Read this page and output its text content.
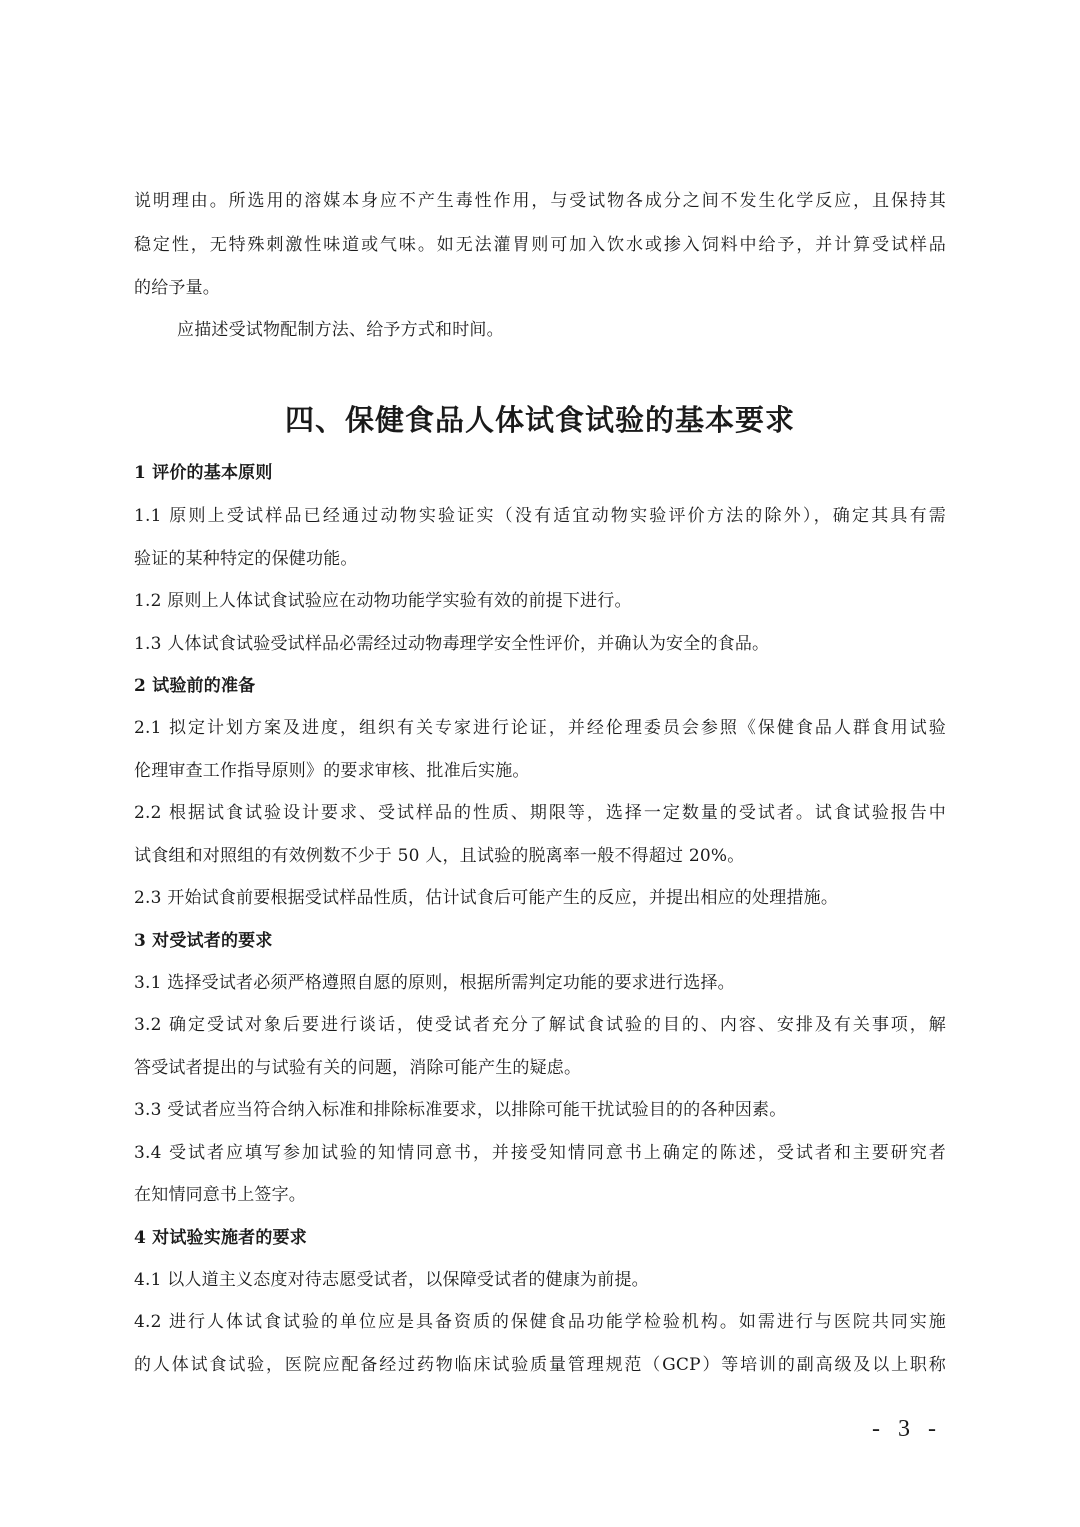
说明理由。所选用的溶媒本身应不产生毒性作用，与受试物各成分之间不发生化学反应，且保持其
稳定性，无特殊刺激性味道或气味。如无法灌胃则可加入饮水或掺入饲料中给予，并计算受试样品
的给予量。
应描述受试物配制方法、给予方式和时间。
四、保健食品人体试食试验的基本要求
1 评价的基本原则
1.1 原则上受试样品已经通过动物实验证实（没有适宜动物实验评价方法的除外），确定其具有需
验证的某种特定的保健功能。
1.2 原则上人体试食试验应在动物功能学实验有效的前提下进行。
1.3 人体试食试验受试样品必需经过动物毒理学安全性评价，并确认为安全的食品。
2 试验前的准备
2.1 拟定计划方案及进度，组织有关专家进行论证，并经伦理委员会参照《保健食品人群食用试验
伦理审查工作指导原则》的要求审核、批准后实施。
2.2 根据试食试验设计要求、受试样品的性质、期限等，选择一定数量的受试者。试食试验报告中
试食组和对照组的有效例数不少于 50 人，且试验的脱离率一般不得超过 20%。
2.3 开始试食前要根据受试样品性质，估计试食后可能产生的反应，并提出相应的处理措施。
3 对受试者的要求
3.1 选择受试者必须严格遵照自愿的原则，根据所需判定功能的要求进行选择。
3.2 确定受试对象后要进行谈话，使受试者充分了解试食试验的目的、内容、安排及有关事项，解
答受试者提出的与试验有关的问题，消除可能产生的疑虑。
3.3 受试者应当符合纳入标准和排除标准要求，以排除可能干扰试验目的的各种因素。
3.4 受试者应填写参加试验的知情同意书，并接受知情同意书上确定的陈述，受试者和主要研究者
在知情同意书上签字。
4 对试验实施者的要求
4.1 以人道主义态度对待志愿受试者，以保障受试者的健康为前提。
4.2 进行人体试食试验的单位应是具备资质的保健食品功能学检验机构。如需进行与医院共同实施
的人体试食试验，医院应配备经过药物临床试验质量管理规范（GCP）等培训的副高级及以上职称
- 3 -
